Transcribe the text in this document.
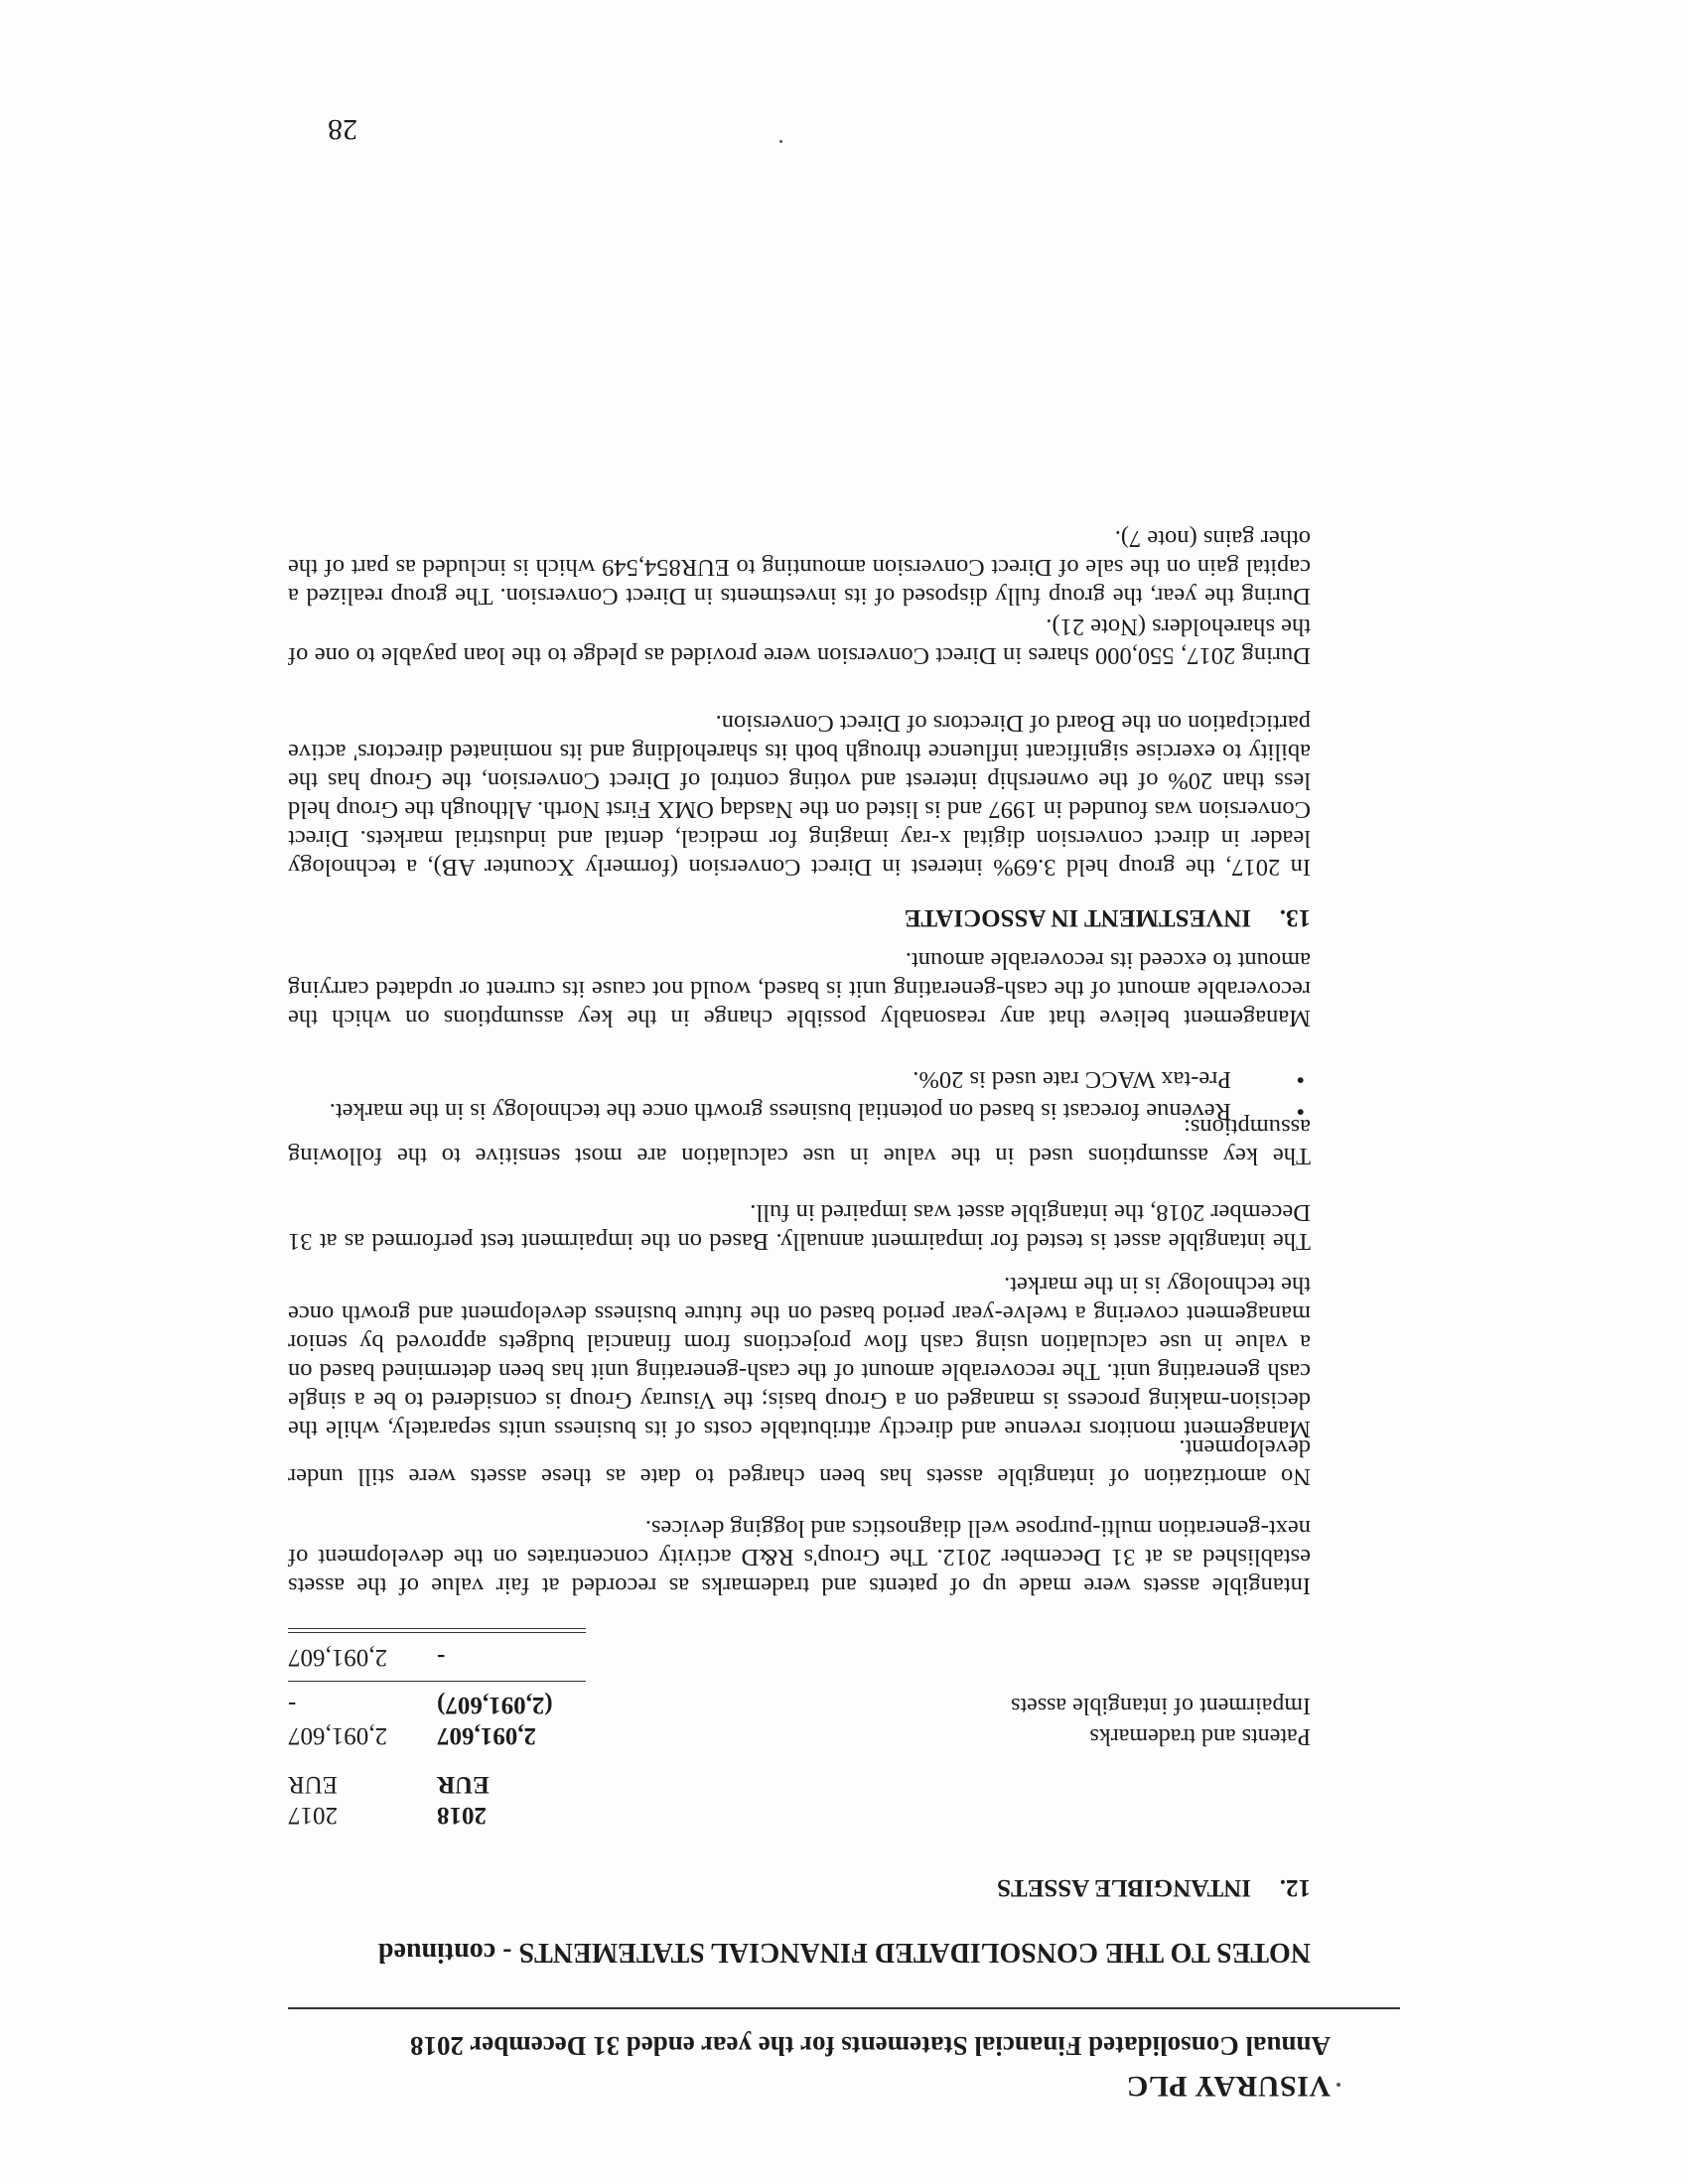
VISURAY PLC
Annual Consolidated Financial Statements for the year ended 31 December 2018
NOTES TO THE CONSOLIDATED FINANCIAL STATEMENTS - continued
12.
INTANGIBLE ASSETS
2018
2017
EUR
EUR
Patents and trademarks
2,091,607
2,091,607
Impairment of intangible assets
(2,091,607)
-
-
2,091,607

Intangible assets were made up of patents and trademarks as recorded at fair value of the assets established as at 31 December 2012. The Group's R&D activity concentrates on the development of next-generation multi-purpose well diagnostics and logging devices.

No amortization of intangible assets has been charged to date as these assets were still under development.

Management monitors revenue and directly attributable costs of its business units separately, while the decision-making process is managed on a Group basis; the Visuray Group is considered to be a single cash generating unit. The recoverable amount of the cash-generating unit has been determined based on a value in use calculation using cash flow projections from financial budgets approved by senior management covering a twelve-year period based on the future business development and growth once the technology is in the market.

The intangible asset is tested for impairment annually. Based on the impairment test performed as at 31 December 2018, the intangible asset was impaired in full.

The key assumptions used in the value in use calculation are most sensitive to the following assumptions:

• Revenue forecast is based on potential business growth once the technology is in the market.
• Pre-tax WACC rate used is 20%.

Management believe that any reasonably possible change in the key assumptions on which the recoverable amount of the cash-generating unit is based, would not cause its current or updated carrying amount to exceed its recoverable amount.

13.
INVESTMENT IN ASSOCIATE

In 2017, the group held 3.69% interest in Direct Conversion (formerly Xcounter AB), a technology leader in direct conversion digital x-ray imaging for medical, dental and industrial markets. Direct Conversion was founded in 1997 and is listed on the Nasdaq OMX First North. Although the Group held less than 20% of the ownership interest and voting control of Direct Conversion, the Group has the ability to exercise significant influence through both its shareholding and its nominated directors' active participation on the Board of Directors of Direct Conversion.

During 2017, 550,000 shares in Direct Conversion were provided as pledge to the loan payable to one of the shareholders (Note 21).

During the year, the group fully disposed of its investments in Direct Conversion. The group realized a capital gain on the sale of Direct Conversion amounting to EUR854,549 which is included as part of the other gains (note 7).

28
